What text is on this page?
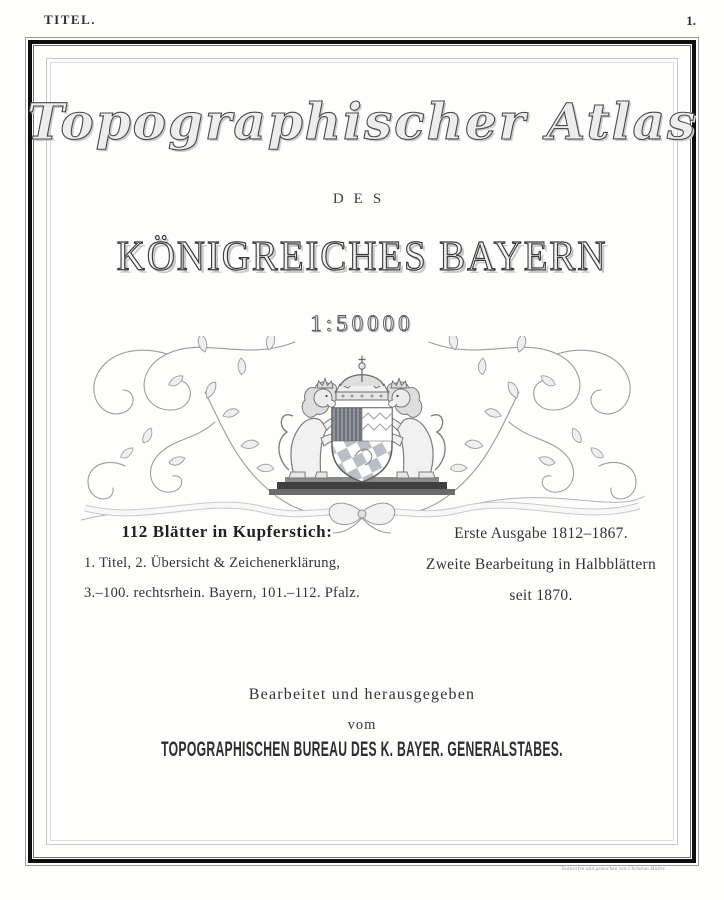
TITEL.	1.
Topographischer Atlas
DES
KÖNIGREICHES BAYERN
1:50000
112 Blätter in Kupferstich:
1. Titel, 2. Übersicht & Zeichenerklärung,
3.–100. rechtsrhein. Bayern, 101.–112. Pfalz.
Erste Ausgabe 1812–1867.
Zweite Bearbeitung in Halbblättern
seit 1870.
Bearbeitet und herausgegeben
vom
TOPOGRAPHISCHEN BUREAU DES K. BAYER. GENERALSTABES.
Entworfen und gestochen von Christian Müller.
